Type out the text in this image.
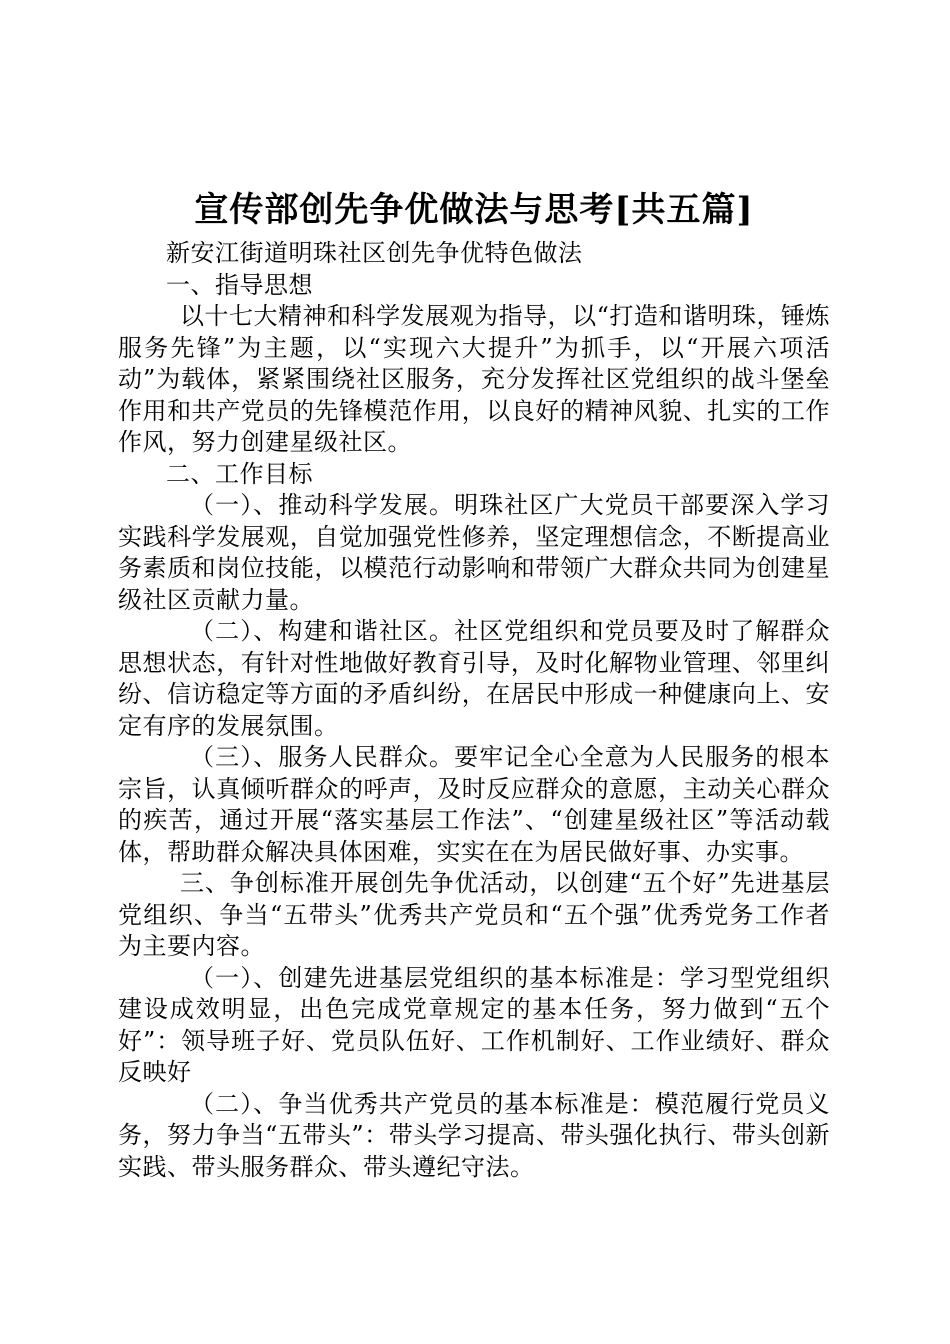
宣传部创先争优做法与思考[共五篇]

新安江街道明珠社区创先争优特色做法

一、指导思想

以十七大精神和科学发展观为指导，以“打造和谐明珠，锤炼服务先锋”为主题，以“实现六大提升”为抓手，以“开展六项活动”为载体，紧紧围绕社区服务，充分发挥社区党组织的战斗堡垒作用和共产党员的先锋模范作用，以良好的精神风貌、扎实的工作作风，努力创建星级社区。

二、工作目标

（一）、推动科学发展。明珠社区广大党员干部要深入学习实践科学发展观，自觉加强党性修养，坚定理想信念，不断提高业务素质和岗位技能，以模范行动影响和带领广大群众共同为创建星级社区贡献力量。

（二）、构建和谐社区。社区党组织和党员要及时了解群众思想状态，有针对性地做好教育引导，及时化解物业管理、邻里纠纷、信访稳定等方面的矛盾纠纷，在居民中形成一种健康向上、安定有序的发展氛围。

（三）、服务人民群众。要牢记全心全意为人民服务的根本宗旨，认真倾听群众的呼声，及时反应群众的意愿，主动关心群众的疾苦，通过开展“落实基层工作法”、“创建星级社区”等活动载体，帮助群众解决具体困难，实实在在为居民做好事、办实事。

三、争创标准开展创先争优活动，以创建“五个好”先进基层党组织、争当“五带头”优秀共产党员和“五个强”优秀党务工作者为主要内容。

（一）、创建先进基层党组织的基本标准是：学习型党组织建设成效明显，出色完成党章规定的基本任务，努力做到“五个好”：领导班子好、党员队伍好、工作机制好、工作业绩好、群众反映好

（二）、争当优秀共产党员的基本标准是：模范履行党员义务，努力争当“五带头”：带头学习提高、带头强化执行、带头创新实践、带头服务群众、带头遵纪守法。
